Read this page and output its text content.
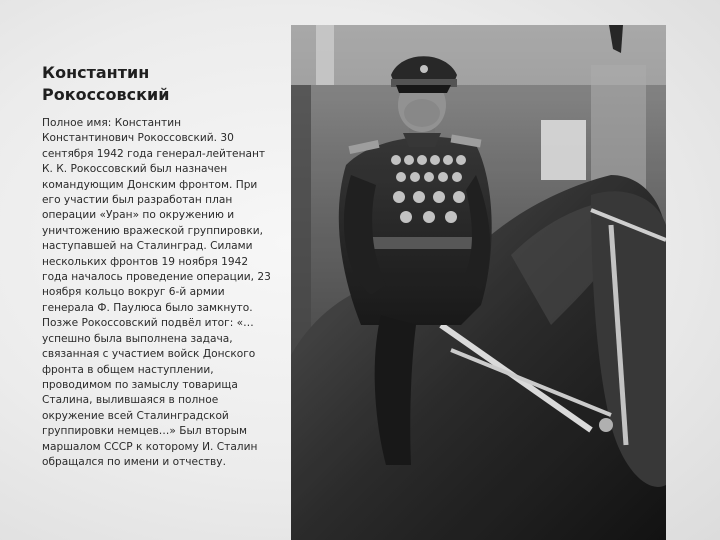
Константин Рокоссовский

Полное имя: Константин Константинович Рокоссовский. 30 сентября 1942 года генерал-лейтенант К. К. Рокоссовский был назначен командующим Донским фронтом. При его участии был разработан план операции «Уран» по окружению и уничтожению вражеской группировки, наступавшей на Сталинград. Силами нескольких фронтов 19 ноября 1942 года началось проведение операции, 23 ноября кольцо вокруг 6-й армии генерала Ф. Паулюса было замкнуто. Позже Рокоссовский подвёл итог: «…успешно была выполнена задача, связанная с участием войск Донского фронта в общем наступлении, проводимом по замыслу товарища Сталина, вылившаяся в полное окружение всей Сталинградской группировки немцев…» Был вторым маршалом СССР к которому И. Сталин обращался по имени и отчеству.
